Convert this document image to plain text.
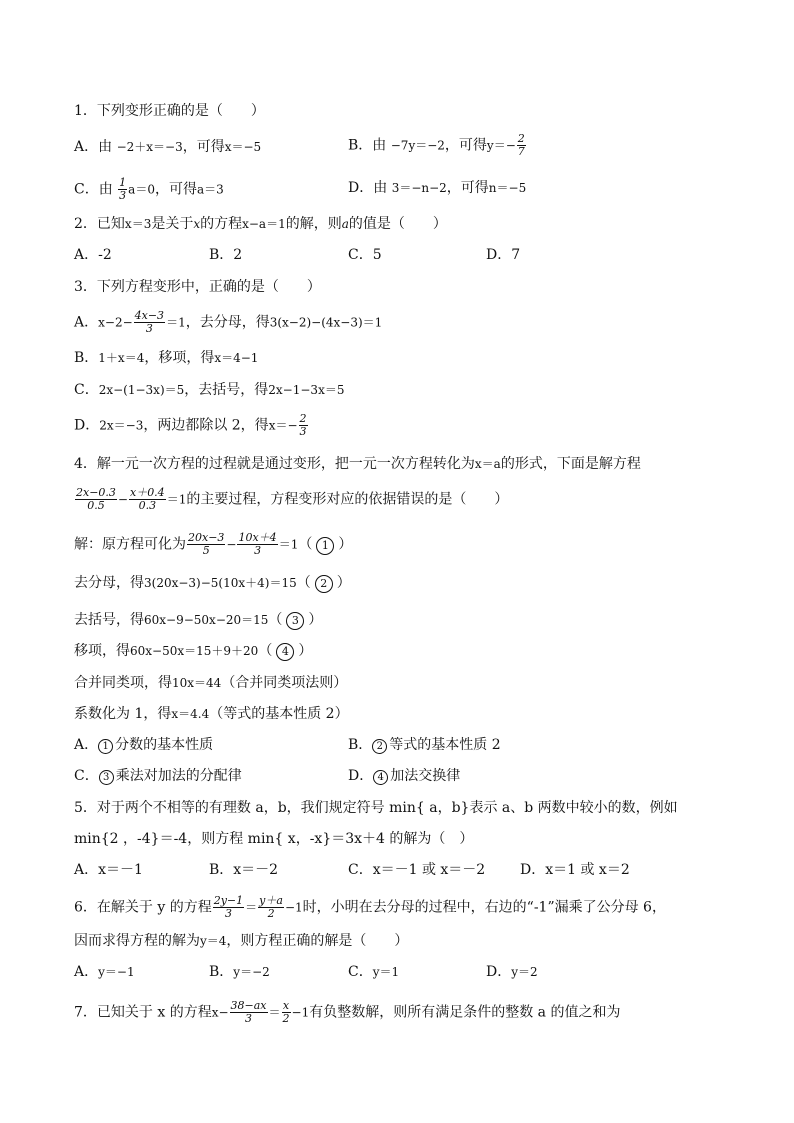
1．下列变形正确的是（　　）
A．由 −2＋x＝−3，可得x＝−5	B．由 −7y＝−2，可得$y=- \frac{2}{7}$
C．由 $\frac{1}{3} a=0$，可得a＝3	D．由 3＝−n−2，可得n＝−5
2．已知x＝3是关于x的方程x−a＝1的解，则a的值是（　　）
A．-2	B．2	C．5	D．7
3．下列方程变形中，正确的是（　　）
A．$x-2- \frac{4x-3}{3} =1$，去分母，得3(x−2)−(4x−3)＝1
B．1＋x＝4，移项，得x＝4−1
C．2x−(1−3x)＝5，去括号，得2x−1−3x＝5
D．2x＝−3，两边都除以 2，得$x=- \frac{2}{3}$
4．解一元一次方程的过程就是通过变形，把一元一次方程转化为x＝a的形式，下面是解方程
$\frac{2x-0.3}{0.5} - \frac{x+0.4}{0.3} =1$的主要过程，方程变形对应的依据错误的是（　　）
解：原方程可化为 $\frac{20x-3}{5} - \frac{10x+4}{3} =1$（ 1 ）
去分母，得3(20x−3)−5(10x＋4)＝15（ 2 ）
去括号，得60x−9−50x−20＝15（ 3 ）
移项，得60x−50x＝15＋9＋20（ 4 ）
合并同类项，得10x＝44（合并同类项法则）
系数化为 1，得x＝4.4（等式的基本性质 2）
A． 1 分数的基本性质	B． 2 等式的基本性质 2
C． 3 乘法对加法的分配律	D． 4 加法交换律
5．对于两个不相等的有理数 a，b，我们规定符号 min{ a，b}表示 a、b 两数中较小的数，例如
min{2 ，-4}＝-4，则方程 min{ x，-x}＝3x＋4 的解为（　）
A．x＝－1	B．x＝－2	C．x＝－1 或 x＝－2 D．x＝1 或 x＝2
6．在解关于 y 的方程 $\frac{2y-1}{3} = \frac{y+a}{2} -1$时，小明在去分母的过程中，右边的“-1”漏乘了公分母 6，
因而求得方程的解为y＝4，则方程正确的解是（　　）
A．y＝−1	B．y＝−2	C．y＝1	D．y＝2
7．已知关于 x 的方程$x- \frac{38-ax}{3} = \frac{x}{2} -1$有负整数解，则所有满足条件的整数 a 的值之和为
